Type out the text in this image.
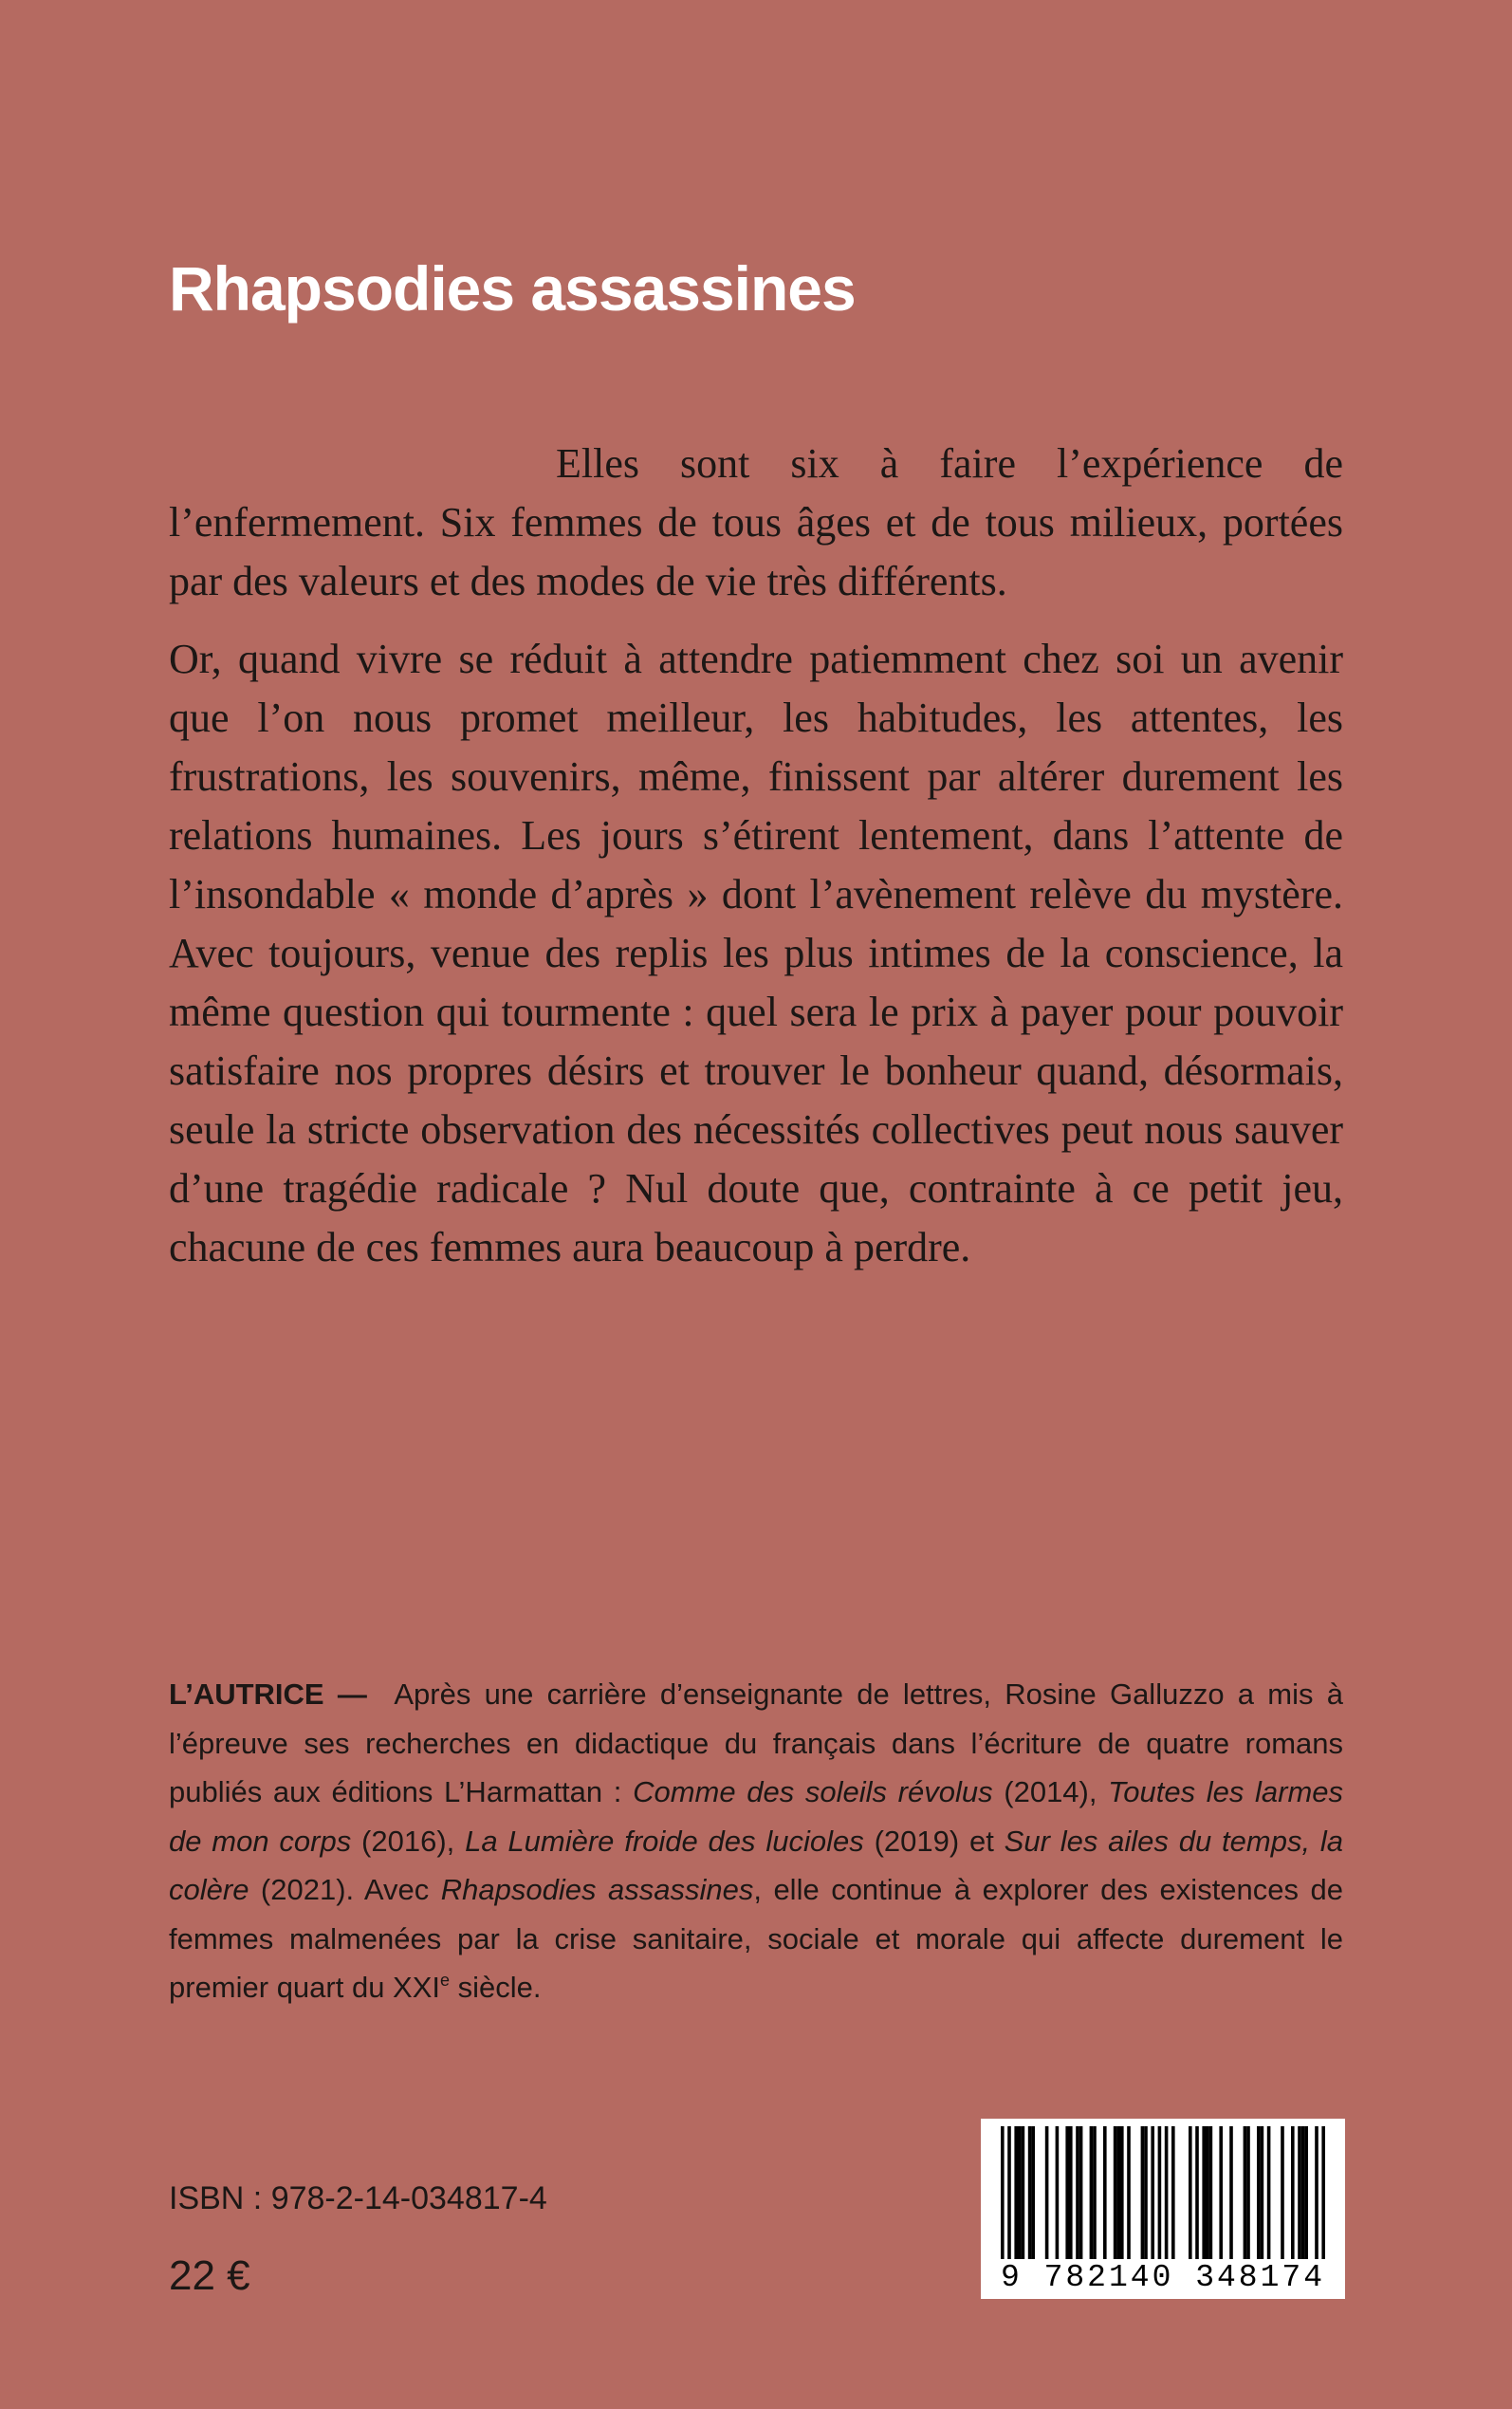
Rhapsodies assassines

Elles sont six à faire l’expérience de l’enfermement. Six femmes de tous âges et de tous milieux, portées par des valeurs et des modes de vie très différents.

Or, quand vivre se réduit à attendre patiemment chez soi un avenir que l’on nous promet meilleur, les habitudes, les attentes, les frustrations, les souvenirs, même, finissent par altérer durement les relations humaines. Les jours s’étirent lentement, dans l’attente de l’insondable « monde d’après » dont l’avènement relève du mystère. Avec toujours, venue des replis les plus intimes de la conscience, la même question qui tourmente : quel sera le prix à payer pour pouvoir satisfaire nos propres désirs et trouver le bonheur quand, désormais, seule la stricte observation des nécessités collectives peut nous sauver d’une tragédie radicale ? Nul doute que, contrainte à ce petit jeu, chacune de ces femmes aura beaucoup à perdre.

L’AUTRICE — Après une carrière d’enseignante de lettres, Rosine Galluzzo a mis à l’épreuve ses recherches en didactique du français dans l’écriture de quatre romans publiés aux éditions L’Harmattan : Comme des soleils révolus (2014), Toutes les larmes de mon corps (2016), La Lumière froide des lucioles (2019) et Sur les ailes du temps, la colère (2021). Avec Rhapsodies assassines, elle continue à explorer des existences de femmes malmenées par la crise sanitaire, sociale et morale qui affecte durement le premier quart du XXIe siècle.

ISBN : 978-2-14-034817-4
22 €	9 782140 348174
